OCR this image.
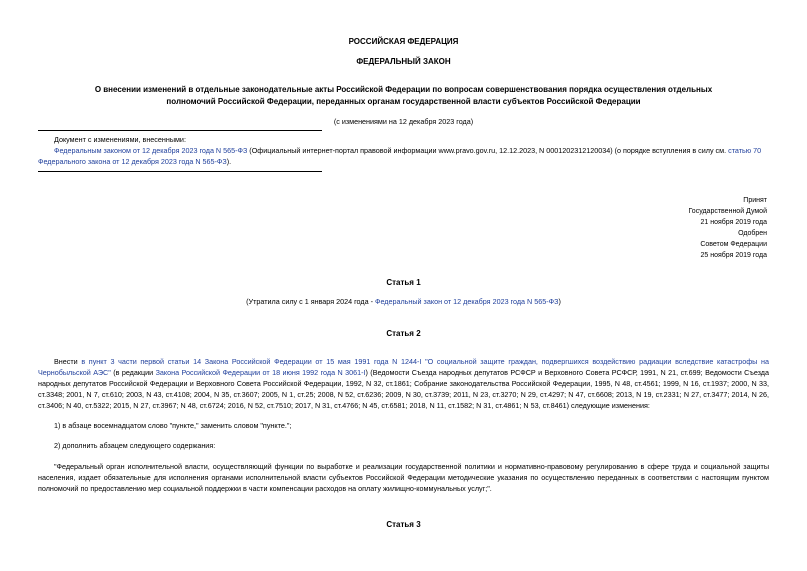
РОССИЙСКАЯ ФЕДЕРАЦИЯ
ФЕДЕРАЛЬНЫЙ ЗАКОН
О внесении изменений в отдельные законодательные акты Российской Федерации по вопросам совершенствования порядка осуществления отдельных
полномочий Российской Федерации, переданных органам государственной власти субъектов Российской Федерации
(с изменениями на 12 декабря 2023 года)
Документ с изменениями, внесенными:
Федеральным законом от 12 декабря 2023 года N 565-ФЗ (Официальный интернет-портал правовой информации www.pravo.gov.ru, 12.12.2023, N 0001202312120034) (о порядке вступления в силу см. статью 70
Федерального закона от 12 декабря 2023 года N 565-ФЗ).
Принят
Государственной Думой
21 ноября 2019 года
Одобрен
Советом Федерации
25 ноября 2019 года
Статья 1
(Утратила силу с 1 января 2024 года - Федеральный закон от 12 декабря 2023 года N 565-ФЗ)
Статья 2
Внести в пункт 3 части первой статьи 14 Закона Российской Федерации от 15 мая 1991 года N 1244-I "О социальной защите граждан, подвергшихся воздействию радиации вследствие катастрофы на Чернобыльской АЭС" (в редакции Закона Российской Федерации от 18 июня 1992 года N 3061-I) (Ведомости Съезда народных депутатов РСФСР и Верховного Совета РСФСР, 1991, N 21, ст.699; Ведомости Съезда народных депутатов Российской Федерации и Верховного Совета Российской Федерации, 1992, N 32, ст.1861; Собрание законодательства Российской Федерации, 1995, N 48, ст.4561; 1999, N 16, ст.1937; 2000, N 33, ст.3348; 2001, N 7, ст.610; 2003, N 43, ст.4108; 2004, N 35, ст.3607; 2005, N 1, ст.25; 2008, N 52, ст.6236; 2009, N 30, ст.3739; 2011, N 23, ст.3270; N 29, ст.4297; N 47, ст.6608; 2013, N 19, ст.2331; N 27, ст.3477; 2014, N 26, ст.3406; N 40, ст.5322; 2015, N 27, ст.3967; N 48, ст.6724; 2016, N 52, ст.7510; 2017, N 31, ст.4766; N 45, ст.6581; 2018, N 11, ст.1582; N 31, ст.4861; N 53, ст.8461) следующие изменения:
1) в абзаце восемнадцатом слово "пункте," заменить словом "пункте.";
2) дополнить абзацем следующего содержания:
"Федеральный орган исполнительной власти, осуществляющий функции по выработке и реализации государственной политики и нормативно-правовому регулированию в сфере труда и социальной защиты населения, издает обязательные для исполнения органами исполнительной власти субъектов Российской Федерации методические указания по осуществлению переданных в соответствии с настоящим пунктом полномочий по предоставлению мер социальной поддержки в части компенсации расходов на оплату жилищно-коммунальных услуг;".
Статья 3
